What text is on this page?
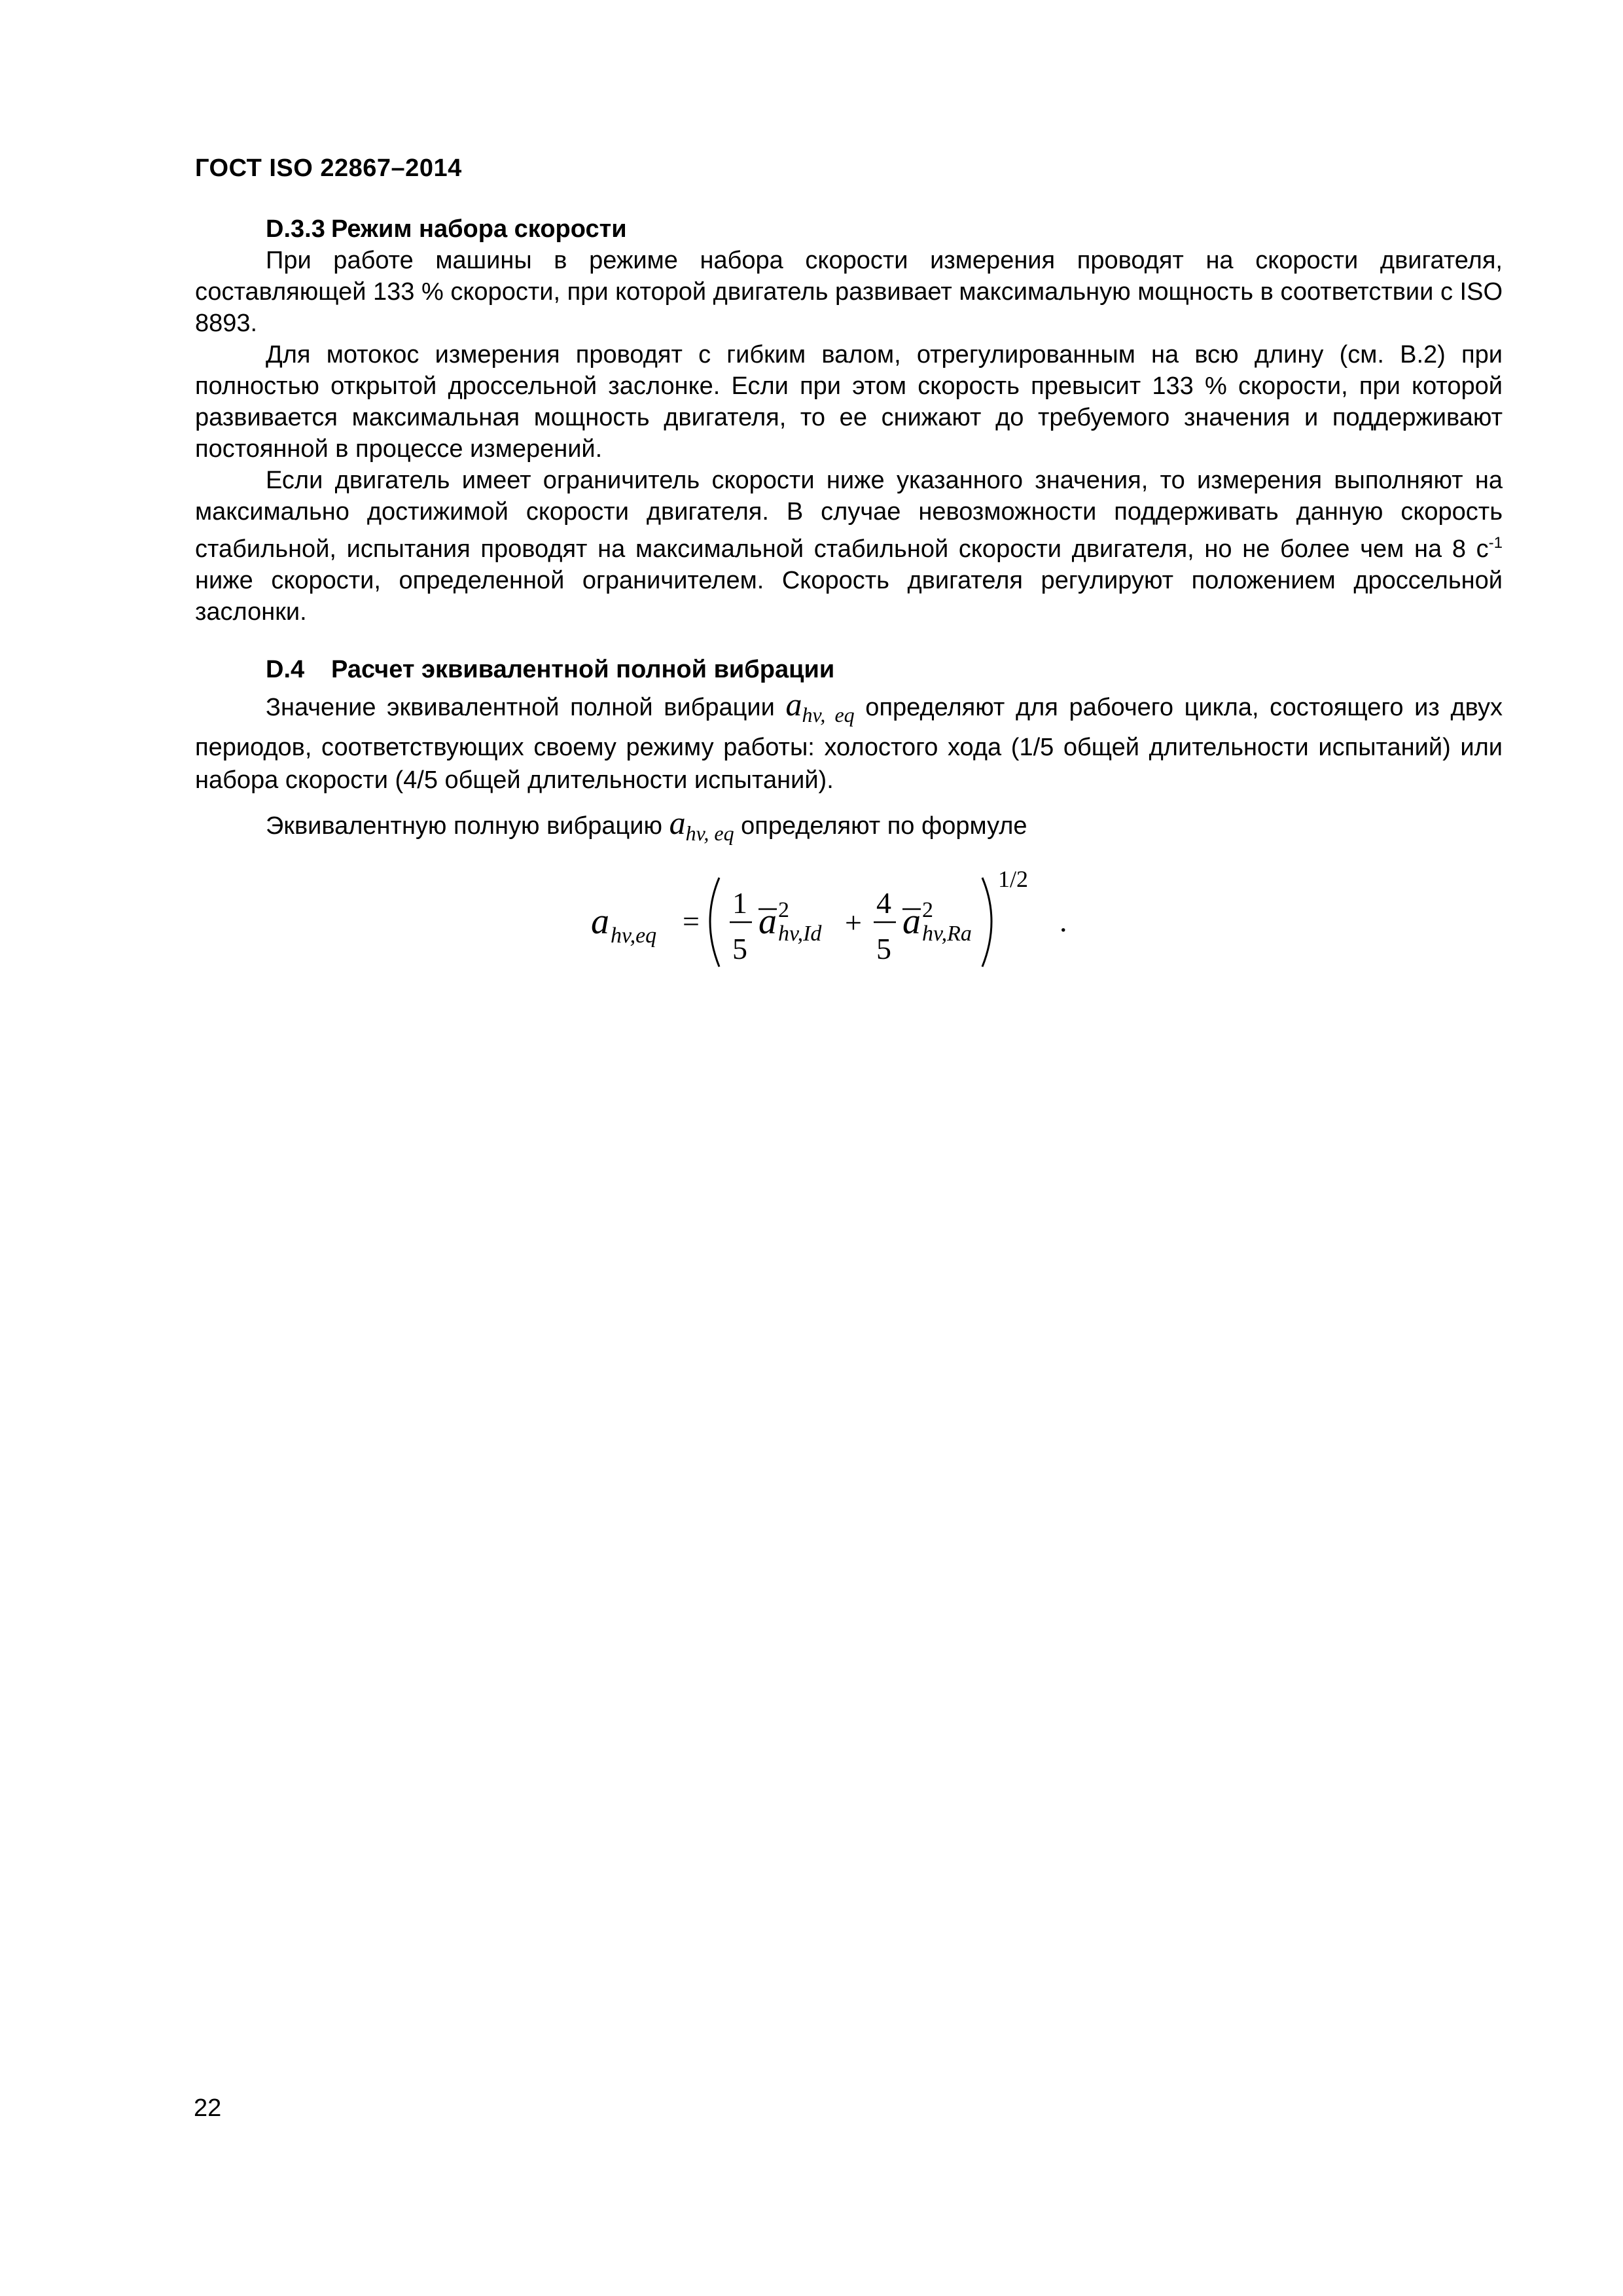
ГОСТ ISO 22867–2014
D.3.3 Режим набора скорости

При работе машины в режиме набора скорости измерения проводят на скорости двигателя, составляющей 133 % скорости, при которой двигатель развивает максимальную мощность в соответствии с ISO 8893.

Для мотокос измерения проводят с гибким валом, отрегулированным на всю длину (см. В.2) при полностью открытой дроссельной заслонке. Если при этом скорость превысит 133 % скорости, при которой развивается максимальная мощность двигателя, то ее снижают до требуемого значения и поддерживают постоянной в процессе измерений.

Если двигатель имеет ограничитель скорости ниже указанного значения, то измерения выполняют на максимально достижимой скорости двигателя. В случае невозможности поддерживать данную скорость стабильной, испытания проводят на максимальной стабильной скорости двигателя, но не более чем на 8 $с^{-1}$ ниже скорости, определенной ограничителем. Скорость двигателя регулируют положением дроссельной заслонки.

D.4	Расчет эквивалентной полной вибрации

Значение эквивалентной полной вибрации $a_{hv, eq}$ определяют для рабочего цикла, состоящего из двух периодов, соответствующих своему режиму работы: холостого хода (1/5 общей длительности испытаний) или набора скорости (4/5 общей длительности испытаний).

Эквивалентную полную вибрацию $a_{hv, eq}$ определяют по формуле

a hv,eq =
1
5
a 2
hv,Id +
4
5
a 2
hv,Ra
1/2
.
22
